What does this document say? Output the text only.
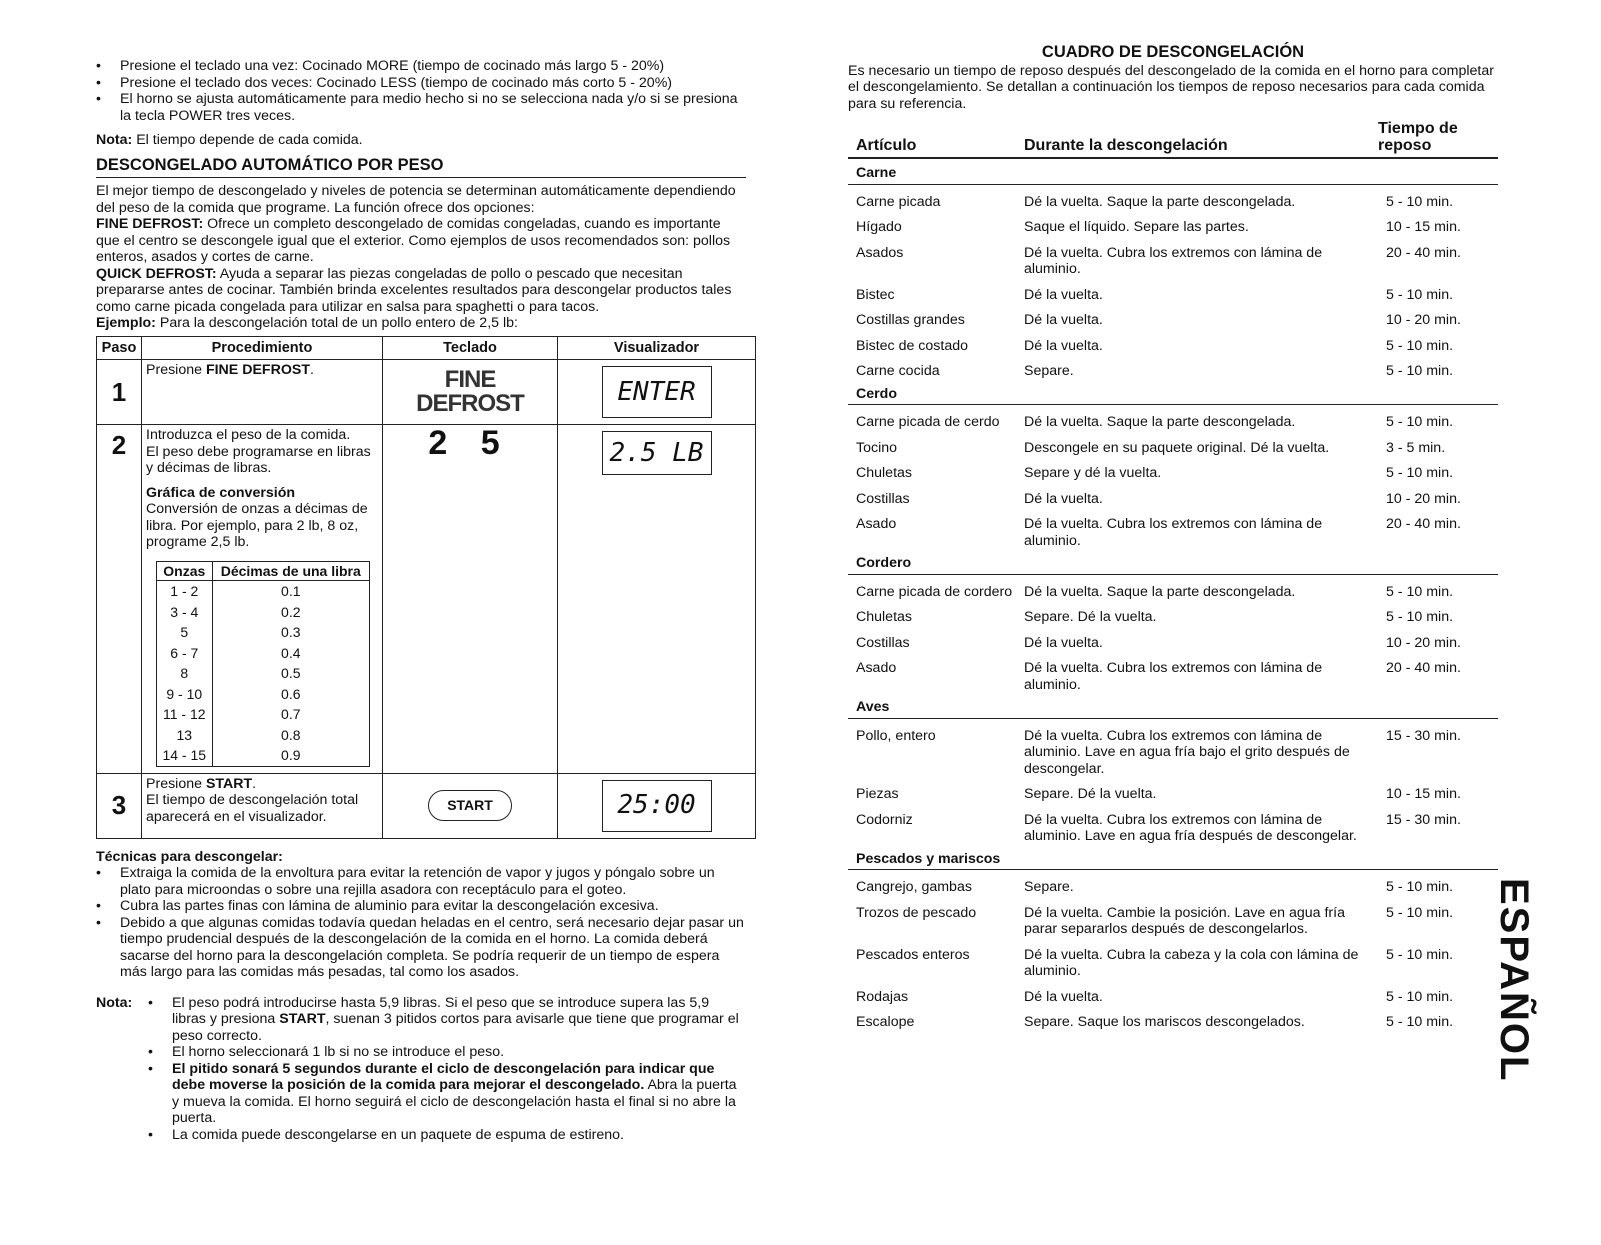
• Presione el teclado una vez: Cocinado MORE (tiempo de cocinado más largo 5 - 20%)
• Presione el teclado dos veces: Cocinado LESS (tiempo de cocinado más corto 5 - 20%)
• El horno se ajusta automáticamente para medio hecho si no se selecciona nada y/o si se presiona la tecla POWER tres veces.
Nota: El tiempo depende de cada comida.
DESCONGELADO AUTOMÁTICO POR PESO
El mejor tiempo de descongelado y niveles de potencia se determinan automáticamente dependiendo del peso de la comida que programe. La función ofrece dos opciones:
FINE DEFROST: Ofrece un completo descongelado de comidas congeladas, cuando es importante que el centro se descongele igual que el exterior. Como ejemplos de usos recomendados son: pollos enteros, asados y cortes de carne.
QUICK DEFROST: Ayuda a separar las piezas congeladas de pollo o pescado que necesitan prepararse antes de cocinar. También brinda excelentes resultados para descongelar productos tales como carne picada congelada para utilizar en salsa para spaghetti o para tacos.
Ejemplo: Para la descongelación total de un pollo entero de 2,5 lb:
Paso	Procedimiento	Teclado	Visualizador
1	Presione FINE DEFROST.	FINE
DEFROST	ENTER

2	Introduzca el peso de la comida.
El peso debe programarse en libras y décimas de libras.
Gráfica de conversión
Conversión de onzas a décimas de libra. Por ejemplo, para 2 lb, 8 oz, programe 2,5 lb.
Onzas	Décimas de una libra
1 - 2	0.1
3 - 4	0.2
5	0.3
6 - 7	0.4
8	0.5
9 - 10	0.6
11 - 12	0.7
13	0.8
14 - 15	0.9
	2 5	2.5 LB

3	Presione START.
El tiempo de descongelación total aparecerá en el visualizador.	START	25:00
Técnicas para descongelar:
• Extraiga la comida de la envoltura para evitar la retención de vapor y jugos y póngalo sobre un plato para microondas o sobre una rejilla asadora con receptáculo para el goteo.
• Cubra las partes finas con lámina de aluminio para evitar la descongelación excesiva.
• Debido a que algunas comidas todavía quedan heladas en el centro, será necesario dejar pasar un tiempo prudencial después de la descongelación de la comida en el horno. La comida deberá sacarse del horno para la descongelación completa. Se podría requerir de un tiempo de espera más largo para las comidas más pesadas, tal como los asados.
Nota:
•	El peso podrá introducirse hasta 5,9 libras. Si el peso que se introduce supera las 5,9 libras y presiona START, suenan 3 pitidos cortos para avisarle que tiene que programar el peso correcto.
• El horno seleccionará 1 lb si no se introduce el peso.
• El pitido sonará 5 segundos durante el ciclo de descongelación para indicar que debe moverse la posición de la comida para mejorar el descongelado. Abra la puerta y mueva la comida. El horno seguirá el ciclo de descongelación hasta el final si no abre la puerta.
• La comida puede descongelarse en un paquete de espuma de estireno.
CUADRO DE DESCONGELACIÓN
Es necesario un tiempo de reposo después del descongelado de la comida en el horno para completar el descongelamiento. Se detallan a continuación los tiempos de reposo necesarios para cada comida para su referencia.
Artículo	Durante la descongelación
Tiempo de reposo
Carne
Carne picada	Dé la vuelta. Saque la parte descongelada.	5 - 10 min.
Hígado	Saque el líquido. Separe las partes.	10 - 15 min.
Asados	Dé la vuelta. Cubra los extremos con lámina de aluminio.
20 - 40 min.
Bistec	Dé la vuelta.	5 - 10 min.
Costillas grandes	Dé la vuelta.	10 - 20 min.
Bistec de costado	Dé la vuelta.	5 - 10 min.
Carne cocida	Separe.	5 - 10 min.
Cerdo
Carne picada de cerdo	Dé la vuelta. Saque la parte descongelada.	5 - 10 min.
Tocino	Descongele en su paquete original. Dé la vuelta.	3 - 5 min.
Chuletas	Separe y dé la vuelta.	5 - 10 min.
Costillas	Dé la vuelta.	10 - 20 min.
Asado	Dé la vuelta. Cubra los extremos con lámina de aluminio.
20 - 40 min.
Cordero
Carne picada de cordero Dé la vuelta. Saque la parte descongelada.	5 - 10 min.
Chuletas	Separe. Dé la vuelta.	5 - 10 min.
Costillas	Dé la vuelta.	10 - 20 min.
Asado	Dé la vuelta. Cubra los extremos con lámina de aluminio.
20 - 40 min.
Aves
Pollo, entero	Dé la vuelta. Cubra los extremos con lámina de aluminio. Lave en agua fría bajo el grito después de descongelar.
15 - 30 min.
Piezas	Separe. Dé la vuelta.	10 - 15 min.
Codorniz	Dé la vuelta. Cubra los extremos con lámina de aluminio. Lave en agua fría después de descongelar.
15 - 30 min.
Pescados y mariscos
Cangrejo, gambas	Separe.	5 - 10 min.
Trozos de pescado	Dé la vuelta. Cambie la posición. Lave en agua fría parar separarlos después de descongelarlos.
5 - 10 min.
Pescados enteros	Dé la vuelta. Cubra la cabeza y la cola con lámina de aluminio.
5 - 10 min.
Rodajas	Dé la vuelta.	5 - 10 min.
Escalope	Separe. Saque los mariscos descongelados.	5 - 10 min. ESPAÑOL
